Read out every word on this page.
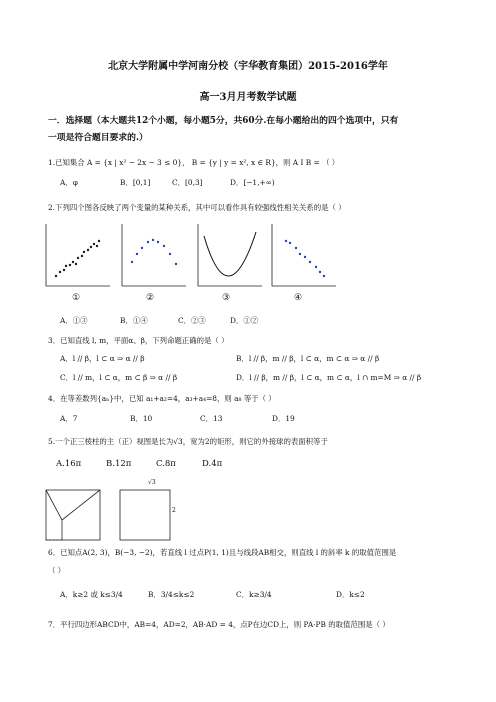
北京大学附属中学河南分校（宇华教育集团）2015-2016学年
高一3月月考数学试题
一．选择题（本大题共12个小题，每小题5分，共60分.在每小题给出的四个选项中，只有
一项是符合题目要求的.）
1.已知集合 A = {x | x² − 2x − 3 ≤ 0}， B = {y | y = x², x ∈ R}，则 A I B = （ ）
A．φ	B．[0,1]	C．[0,3]	D．[−1,+∞)
2.下列四个图各反映了两个变量的某种关系，其中可以看作具有较强线性相关关系的是（ ）
①	②	③	④
A．①③	B．①④	C．②③	D．①②
3．已知直线 l, m，平面α、β，下列命题正确的是（ ）
A．l // β，l ⊂ α ⇒ α // β	B．l // β，m // β，l ⊂ α，m ⊂ α ⇒ α // β
C．l // m，l ⊂ α，m ⊂ β ⇒ α // β	D．l // β，m // β，l ⊂ α，m ⊂ α，l ∩ m=M ⇒ α // β
4．在等差数列{aₙ}中，已知 a₁+a₂=4，a₃+a₄=8，则 a₈ 等于（ ）
A．7	B．10	C．13	D．19
5.一个正三棱柱的主（正）视图是长为√3，宽为2的矩形，则它的外接球的表面积等于
A.16π	B.12π	C.8π	D.4π
√3
2
6．已知点A(2, 3)，B(−3, −2)，若直线 l 过点P(1, 1)且与线段AB相交，则直线 l 的斜率 k 的取值范围是
（ ）
A．k≥2 或 k≤3/4	B．3/4≤k≤2	C．k≥3/4	D．k≤2
7．平行四边形ABCD中，AB=4，AD=2，AB·AD = 4，点P在边CD上，则 PA·PB 的取值范围是（ ）
